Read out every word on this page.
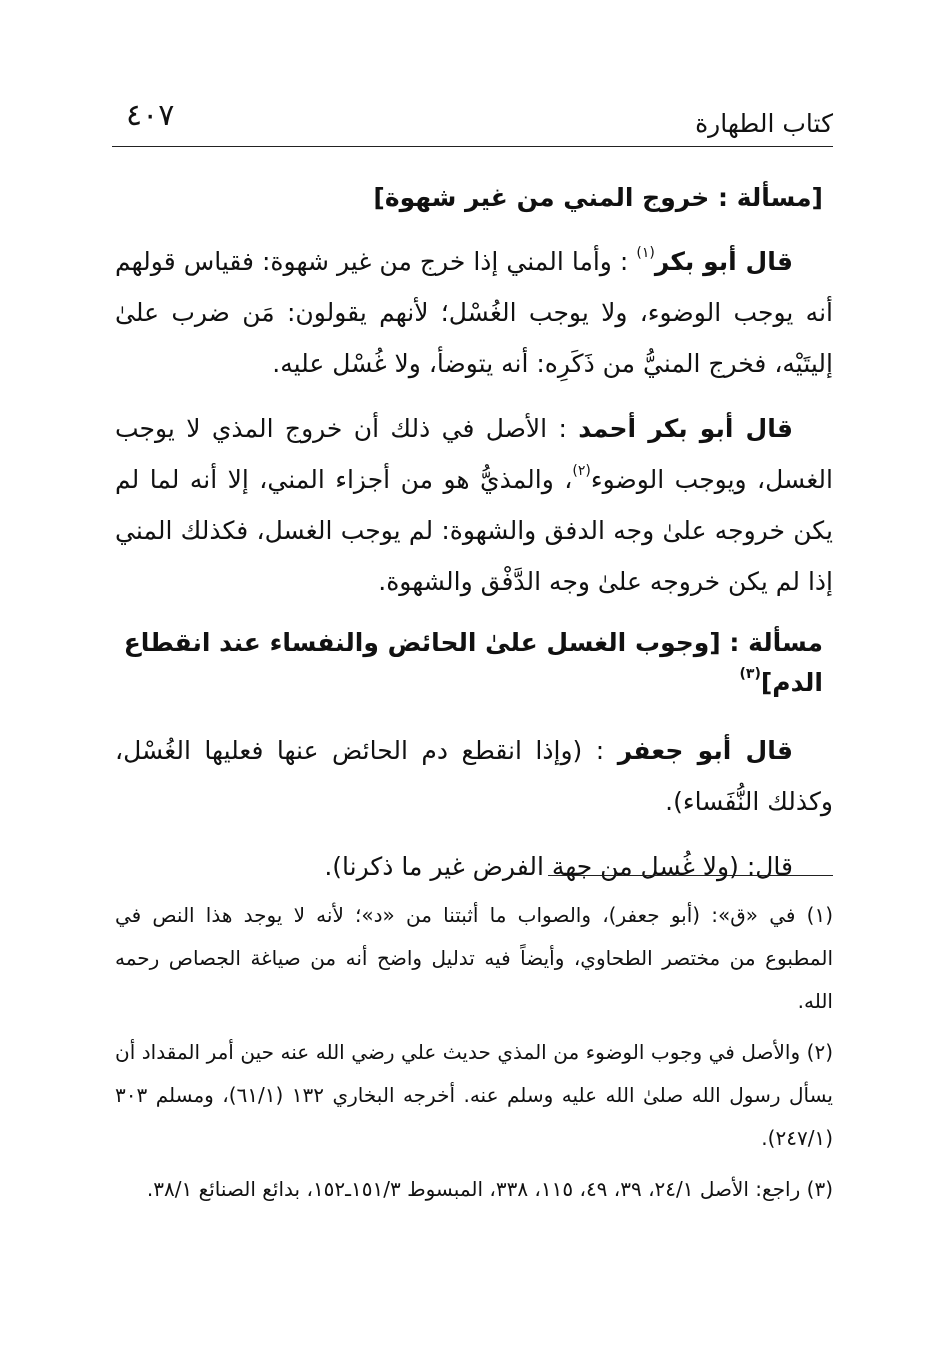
كتاب الطهارة
٤٠٧
[مسألة : خروج المني من غير شهوة]

قال أبو بكر$^{(١)}$ : وأما المني إذا خرج من غير شهوة: فقياس قولهم أنه يوجب الوضوء، ولا يوجب الغُسْل؛ لأنهم يقولون: مَن ضرب علىٰ إليتَيْه، فخرج المنيُّ من ذَكَرِه: أنه يتوضأ، ولا غُسْل عليه.

قال أبو بكر أحمد : الأصل في ذلك أن خروج المذي لا يوجب الغسل، ويوجب الوضوء$^{(٢)}$، والمذيُّ هو من أجزاء المني، إلا أنه لما لم يكن خروجه علىٰ وجه الدفق والشهوة: لم يوجب الغسل، فكذلك المني إذا لم يكن خروجه علىٰ وجه الدَّفْق والشهوة.

مسألة : [وجوب الغسل علىٰ الحائض والنفساء عند انقطاع الدم]$^{(٣)}$

قال أبو جعفر : (وإذا انقطع دم الحائض عنها فعليها الغُسْل، وكذلك النُّفَساء).

قال: (ولا غُسل من جهة الفرض غير ما ذكرنا).

(١) في «ق»: (أبو جعفر)، والصواب ما أثبتنا من «د»؛ لأنه لا يوجد هذا النص في المطبوع من مختصر الطحاوي، وأيضاً فيه تدليل واضح أنه من صياغة الجصاص رحمه الله.

(٢) والأصل في وجوب الوضوء من المذي حديث علي رضي الله عنه حين أمر المقداد أن يسأل رسول الله صلىٰ الله عليه وسلم عنه. أخرجه البخاري ١٣٢ (٦١/١)، ومسلم ٣٠٣ (٢٤٧/١).

(٣) راجع: الأصل ٢٤/١، ٣٩، ٤٩، ١١٥، ٣٣٨، المبسوط ١٥١/٣ـ١٥٢، بدائع الصنائع ٣٨/١.
